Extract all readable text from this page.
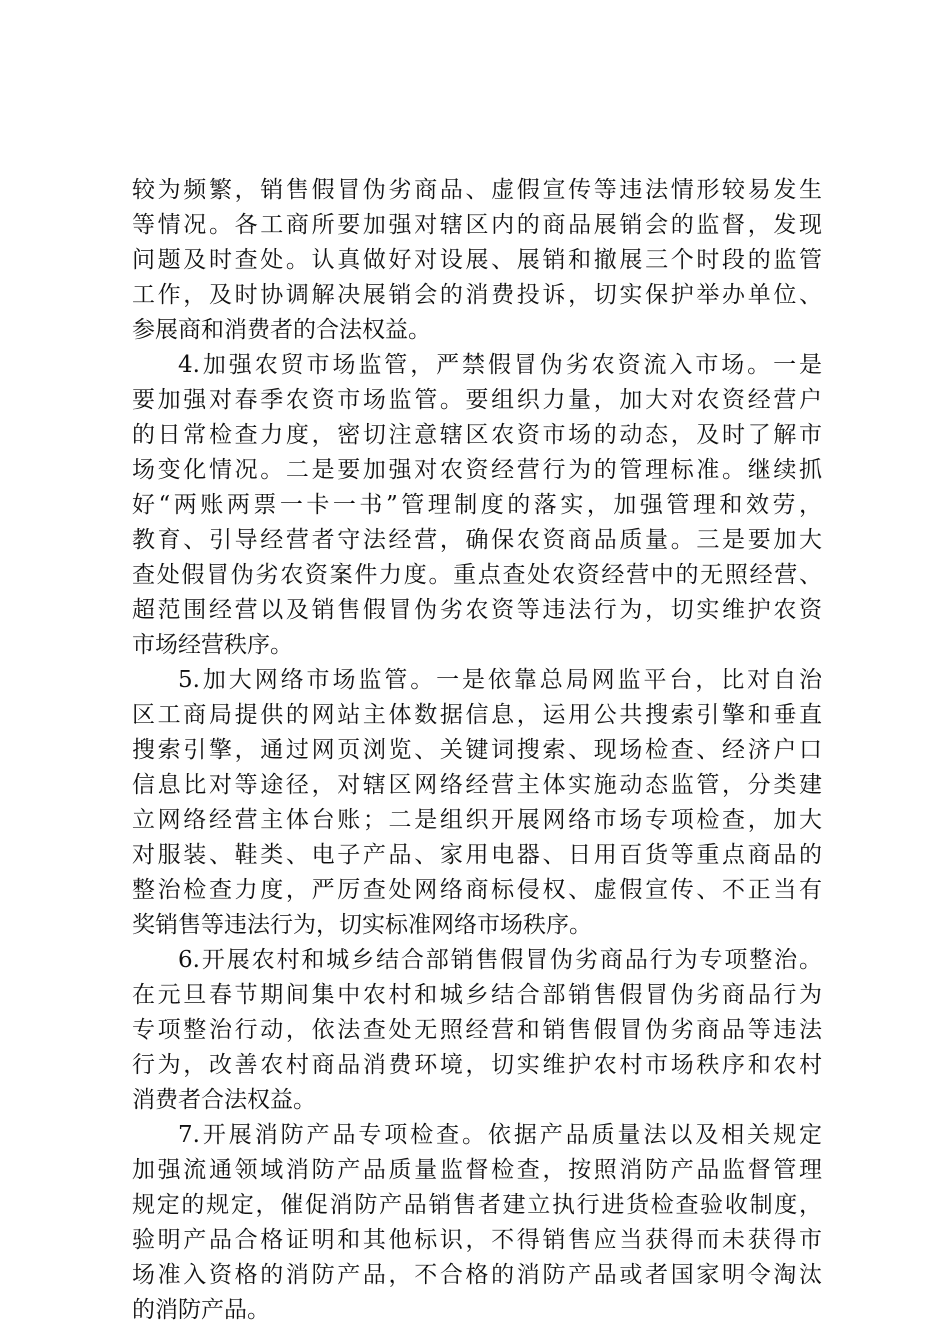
较为频繁，销售假冒伪劣商品、虚假宣传等违法情形较易发生
等情况。各工商所要加强对辖区内的商品展销会的监督，发现
问题及时查处。认真做好对设展、展销和撤展三个时段的监管
工作，及时协调解决展销会的消费投诉，切实保护举办单位、
参展商和消费者的合法权益。
4.加强农贸市场监管，严禁假冒伪劣农资流入市场。一是
要加强对春季农资市场监管。要组织力量，加大对农资经营户
的日常检查力度，密切注意辖区农资市场的动态，及时了解市
场变化情况。二是要加强对农资经营行为的管理标准。继续抓
好“两账两票一卡一书”管理制度的落实，加强管理和效劳，
教育、引导经营者守法经营，确保农资商品质量。三是要加大
查处假冒伪劣农资案件力度。重点查处农资经营中的无照经营、
超范围经营以及销售假冒伪劣农资等违法行为，切实维护农资
市场经营秩序。
5.加大网络市场监管。一是依靠总局网监平台，比对自治
区工商局提供的网站主体数据信息，运用公共搜索引擎和垂直
搜索引擎，通过网页浏览、关键词搜索、现场检查、经济户口
信息比对等途径，对辖区网络经营主体实施动态监管，分类建
立网络经营主体台账；二是组织开展网络市场专项检查，加大
对服装、鞋类、电子产品、家用电器、日用百货等重点商品的
整治检查力度，严厉查处网络商标侵权、虚假宣传、不正当有
奖销售等违法行为，切实标准网络市场秩序。
6.开展农村和城乡结合部销售假冒伪劣商品行为专项整治。
在元旦春节期间集中农村和城乡结合部销售假冒伪劣商品行为
专项整治行动，依法查处无照经营和销售假冒伪劣商品等违法
行为，改善农村商品消费环境，切实维护农村市场秩序和农村
消费者合法权益。
7.开展消防产品专项检查。依据产品质量法以及相关规定
加强流通领域消防产品质量监督检查，按照消防产品监督管理
规定的规定，催促消防产品销售者建立执行进货检查验收制度，
验明产品合格证明和其他标识，不得销售应当获得而未获得市
场准入资格的消防产品，不合格的消防产品或者国家明令淘汰
的消防产品。
